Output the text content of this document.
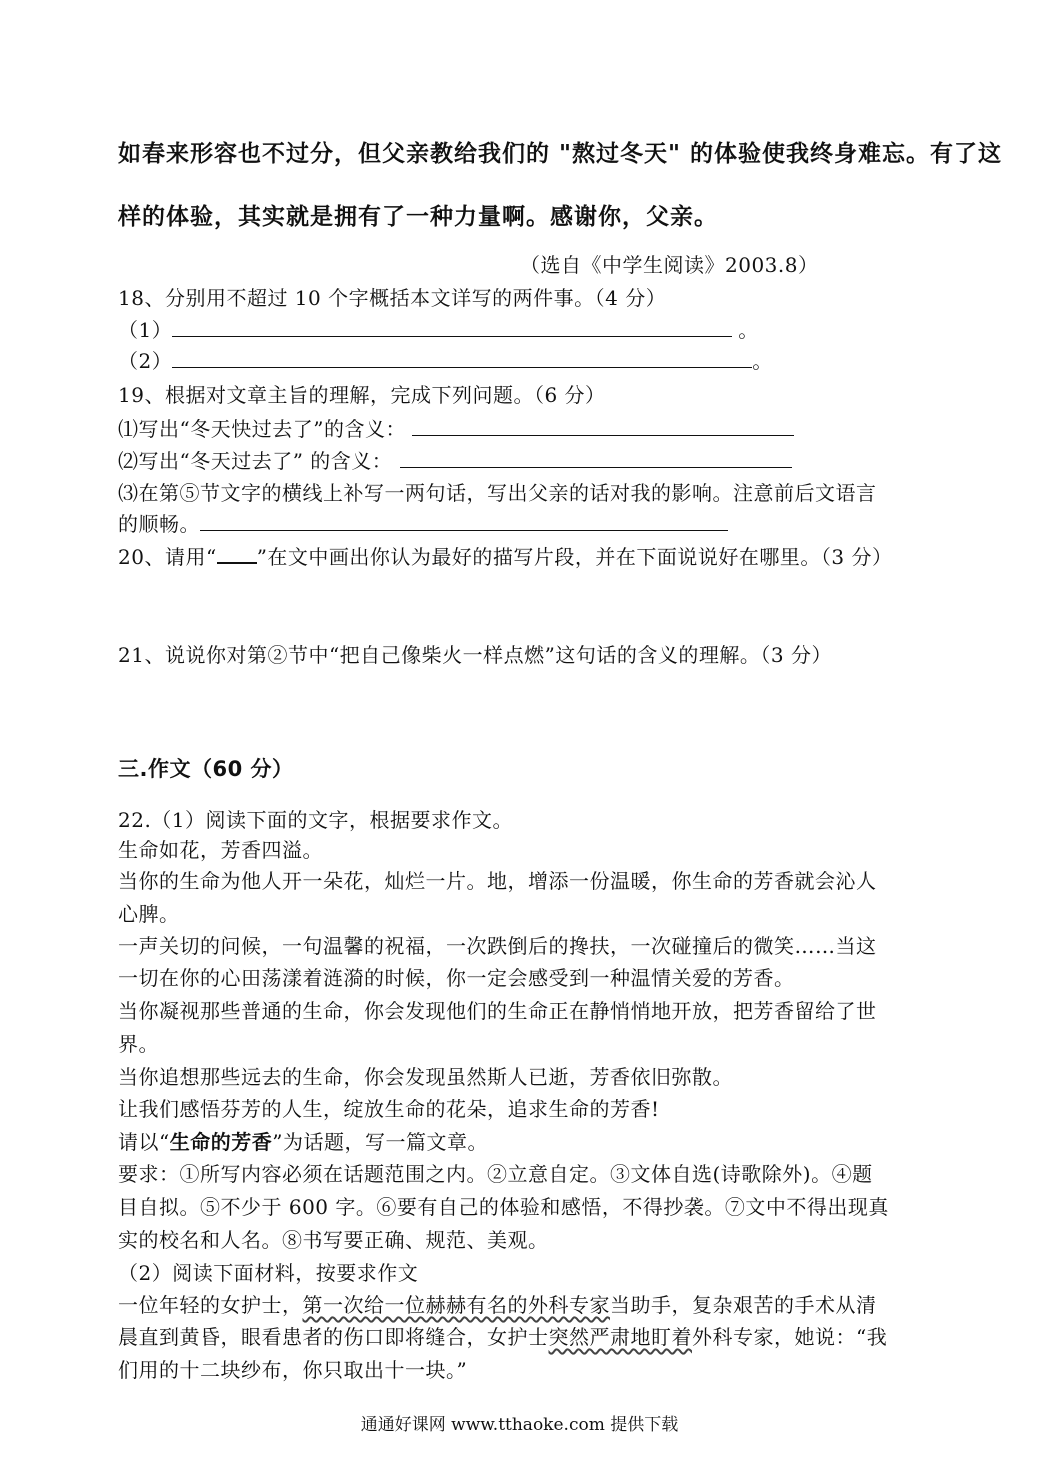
如春来形容也不过分，但父亲教给我们的 "熬过冬天" 的体验使我终身难忘。有了这
样的体验，其实就是拥有了一种力量啊。感谢你，父亲。
（选自《中学生阅读》2003.8）
18、分别用不超过 10 个字概括本文详写的两件事。（4 分）
（1）	。
（2）	。
19、根据对文章主旨的理解，完成下列问题。（6 分）
⑴写出“冬天快过去了”的含义：
⑵写出“冬天过去了” 的含义：
⑶在第⑤节文字的横线上补写一两句话，写出父亲的话对我的影响。注意前后文语言
的顺畅。
20、请用“ ”在文中画出你认为最好的描写片段，并在下面说说好在哪里。（3 分）
21、说说你对第②节中“把自己像柴火一样点燃”这句话的含义的理解。（3 分）
三.作文（60 分）
22.（1）阅读下面的文字，根据要求作文。
生命如花，芳香四溢。
当你的生命为他人开一朵花，灿烂一片。地，增添一份温暖，你生命的芳香就会沁人
心脾。
一声关切的问候，一句温馨的祝福，一次跌倒后的搀扶，一次碰撞后的微笑……当这
一切在你的心田荡漾着涟漪的时候，你一定会感受到一种温情关爱的芳香。
当你凝视那些普通的生命，你会发现他们的生命正在静悄悄地开放，把芳香留给了世
界。
当你追想那些远去的生命，你会发现虽然斯人已逝，芳香依旧弥散。
让我们感悟芬芳的人生，绽放生命的花朵，追求生命的芳香!
请以“生命的芳香”为话题，写一篇文章。
要求：①所写内容必须在话题范围之内。②立意自定。③文体自选(诗歌除外)。④题
目自拟。⑤不少于 600 字。⑥要有自己的体验和感悟，不得抄袭。⑦文中不得出现真
实的校名和人名。⑧书写要正确、规范、美观。
（2）阅读下面材料，按要求作文
一位年轻的女护士，第一次给一位赫赫有名的外科专家当助手，复杂艰苦的手术从清
晨直到黄昏，眼看患者的伤口即将缝合，女护士突然严肃地盯着外科专家，她说：“我
们用的十二块纱布，你只取出十一块。”
通通好课网 www.tthaoke.com 提供下载
